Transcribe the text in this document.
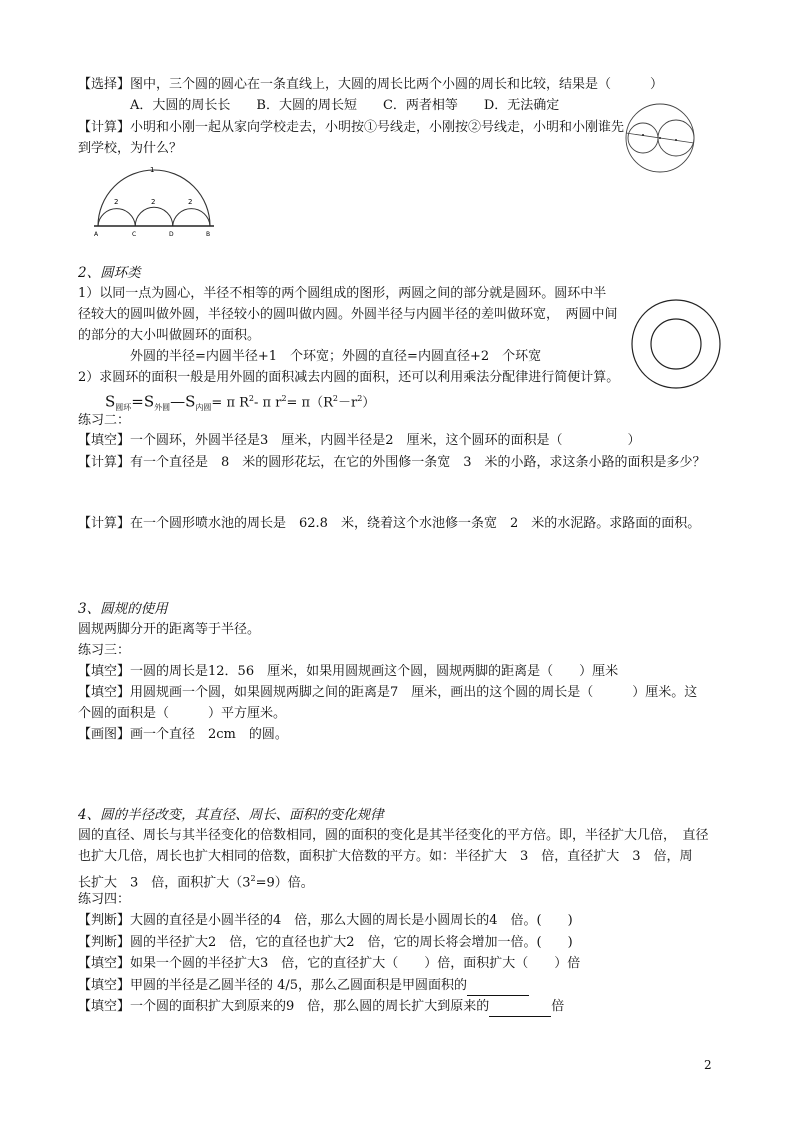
【选择】图中，三个圆的圆心在一条直线上，大圆的周长比两个小圆的周长和比较，结果是（　　　）
A．大圆的周长长　　B．大圆的周长短　　C．两者相等　　D．无法确定
【计算】小明和小刚一起从家向学校走去，小明按①号线走，小刚按②号线走，小明和小刚谁先
到学校，为什么？
1
2	2	2
A	C	D	B
2、圆环类
1）以同一点为圆心，半径不相等的两个圆组成的图形，两圆之间的部分就是圆环。圆环中半
径较大的圆叫做外圆，半径较小的圆叫做内圆。外圆半径与内圆半径的差叫做环宽，　两圆中间
的部分的大小叫做圆环的面积。
外圆的半径=内圆半径+1　个环宽；外圆的直径=内圆直径+2　个环宽
2）求圆环的面积一般是用外圆的面积减去内圆的面积，还可以利用乘法分配律进行简便计算。
$S_{圆环}=S_{外圆}—S_{内圆}= \pi$ $R^2-$ π $r^2= \pi(R^2-r^2)$
练习二：
【填空】一个圆环，外圆半径是3　厘米，内圆半径是2　厘米，这个圆环的面积是（　　　　　）
【计算】有一个直径是　8　米的圆形花坛，在它的外围修一条宽　3　米的小路，求这条小路的面积是多少？
【计算】在一个圆形喷水池的周长是　62.8　米，绕着这个水池修一条宽　2　米的水泥路。求路面的面积。
3、圆规的使用
圆规两脚分开的距离等于半径。
练习三：
【填空】一圆的周长是12．56　厘米，如果用圆规画这个圆，圆规两脚的距离是（　　）厘米
【填空】用圆规画一个圆，如果圆规两脚之间的距离是7　厘米，画出的这个圆的周长是（　　　）厘米。这
个圆的面积是（　　　）平方厘米。
【画图】画一个直径　2cm　的圆。
4、圆的半径改变，其直径、周长、面积的变化规律
圆的直径、周长与其半径变化的倍数相同，圆的面积的变化是其半径变化的平方倍。即，半径扩大几倍，　直径
也扩大几倍，周长也扩大相同的倍数，面积扩大倍数的平方。如：半径扩大　3　倍，直径扩大　3　倍，周
长扩大　3　倍，面积扩大$(3^2=9)$倍。
练习四：
【判断】大圆的直径是小圆半径的4　倍，那么大圆的周长是小圆周长的4　倍。(　　)
【判断】圆的半径扩大2　倍，它的直径也扩大2　倍，它的周长将会增加一倍。(　　)
【填空】如果一个圆的半径扩大3　倍，它的直径扩大（　　）倍，面积扩大（　　）倍
【填空】甲圆的半径是乙圆半径的 4/5，那么乙圆面积是甲圆面积的
【填空】一个圆的面积扩大到原来的9　倍，那么圆的周长扩大到原来的	倍
2
